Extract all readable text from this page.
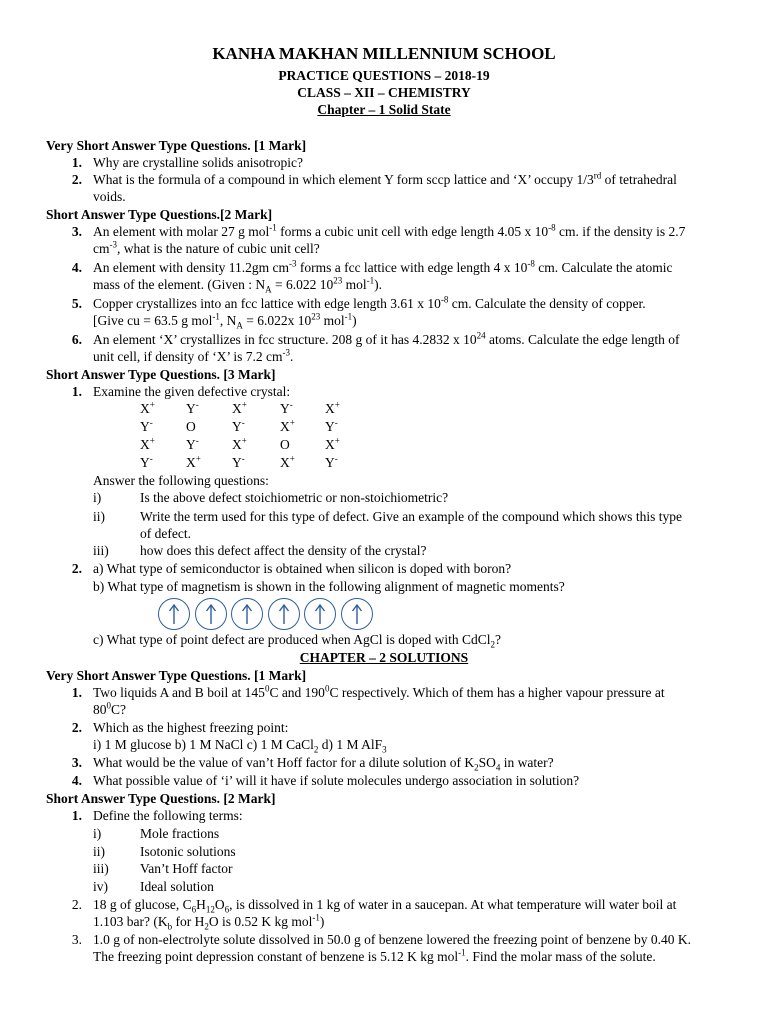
KANHA MAKHAN MILLENNIUM SCHOOL
PRACTICE QUESTIONS – 2018-19
CLASS – XII – CHEMISTRY
Chapter – 1 Solid State
Very Short Answer Type Questions. [1 Mark]
1. Why are crystalline solids anisotropic?
2. What is the formula of a compound in which element Y form sccp lattice and ‘X’ occupy 1/3rd of tetrahedral
voids.
Short Answer Type Questions.[2 Mark]
3. An element with molar 27 g mol$^{-1}$ forms a cubic unit cell with edge length 4.05 x $10^{-8}$ cm. if the density is 2.7
$cm^{-3}$, what is the nature of cubic unit cell?
4. An element with density 11.2gm $cm^{-3}$ forms a fcc lattice with edge length 4 x $10^{-8}$ cm. Calculate the atomic
mass of the element. (Given : $N_A = 6.022$ $10^{23}$ mol$^{-1}$).
5. Copper crystallizes into an fcc lattice with edge length 3.61 x $10^{-8}$ cm. Calculate the density of copper.
[Give cu = 63.5 g mol$^{-1}$, $N_A = 6.022x$ $10^{23}$ mol$^{-1}$)
6. An element ‘X’ crystallizes in fcc structure. 208 g of it has 4.2832 x $10^{24}$ atoms. Calculate the edge length of
unit cell, if density of ‘X’ is 7.2 $cm^{-3}$.
Short Answer Type Questions. [3 Mark]
1. Examine the given defective crystal:
X+ Y- X+ Y- X+
Y- O	Y-	X+ Y-
X+ Y- X+ O	X+
Y- X+ Y-	X+ Y-
Answer the following questions:
i)	Is the above defect stoichiometric or non-stoichiometric?
ii)	Write the term used for this type of defect. Give an example of the compound which shows this type
of defect.
iii) how does this defect affect the density of the crystal?
2. a) What type of semiconductor is obtained when silicon is doped with boron?
b) What type of magnetism is shown in the following alignment of magnetic moments?
c) What type of point defect are produced when AgCl is doped with CdCl$_2$?
CHAPTER – 2 SOLUTIONS
Very Short Answer Type Questions. [1 Mark]
1. Two liquids A and B boil at $145^0C$ and $190^0C$ respectively. Which of them has a higher vapour pressure at
$80^0C$?
2. Which as the highest freezing point:
i) 1 M glucose b) 1 M NaCl c) 1 M CaCl$_2$ d) 1 M AlF$_3$
3. What would be the value of van’t Hoff factor for a dilute solution of $K_2SO_4$ in water?
4. What possible value of ‘i’ will it have if solute molecules undergo association in solution?
Short Answer Type Questions. [2 Mark]
1. Define the following terms:
i)	Mole fractions
ii)	Isotonic solutions
iii) Van’t Hoff factor
iv) Ideal solution
2. 18 g of glucose, $C_6H_{12}O_6$, is dissolved in 1 kg of water in a saucepan. At what temperature will water boil at
1.103 bar? ($K_b$ for $H_2O$ is 0.52 K kg mol$^{-1}$)
3. 1.0 g of non-electrolyte solute dissolved in 50.0 g of benzene lowered the freezing point of benzene by 0.40 K.
The freezing point depression constant of benzene is 5.12 K kg mol$^{-1}$. Find the molar mass of the solute.
